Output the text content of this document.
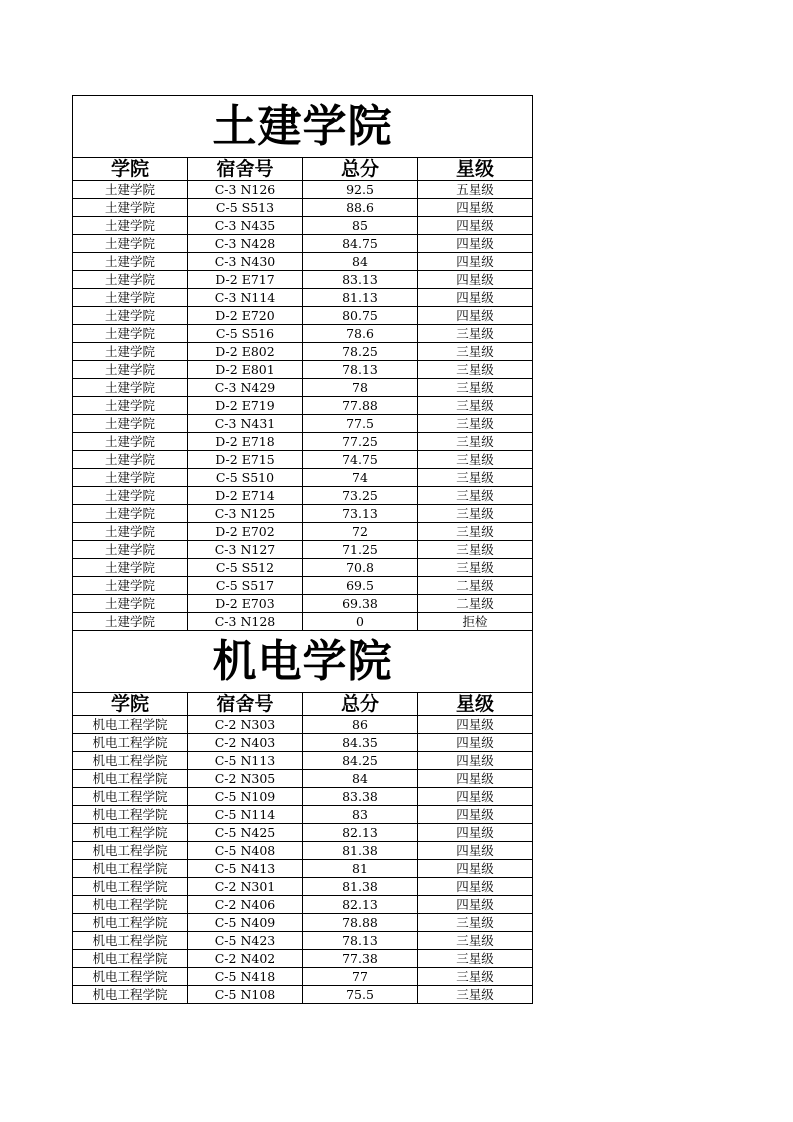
土建学院			
学院	宿舍号	总分	星级
土建学院	C-3 N126	92.5	五星级
土建学院	C-5 S513	88.6	四星级
土建学院	C-3 N435	85	四星级
土建学院	C-3 N428	84.75	四星级
土建学院	C-3 N430	84	四星级
土建学院	D-2 E717	83.13	四星级
土建学院	C-3 N114	81.13	四星级
土建学院	D-2 E720	80.75	四星级
土建学院	C-5 S516	78.6	三星级
土建学院	D-2 E802	78.25	三星级
土建学院	D-2 E801	78.13	三星级
土建学院	C-3 N429	78	三星级
土建学院	D-2 E719	77.88	三星级
土建学院	C-3 N431	77.5	三星级
土建学院	D-2 E718	77.25	三星级
土建学院	D-2 E715	74.75	三星级
土建学院	C-5 S510	74	三星级
土建学院	D-2 E714	73.25	三星级
土建学院	C-3 N125	73.13	三星级
土建学院	D-2 E702	72	三星级
土建学院	C-3 N127	71.25	三星级
土建学院	C-5 S512	70.8	三星级
土建学院	C-5 S517	69.5	二星级
土建学院	D-2 E703	69.38	二星级
土建学院	C-3 N128	0	拒检
机电学院			
学院	宿舍号	总分	星级
机电工程学院	C-2 N303	86	四星级
机电工程学院	C-2 N403	84.35	四星级
机电工程学院	C-5 N113	84.25	四星级
机电工程学院	C-2 N305	84	四星级
机电工程学院	C-5 N109	83.38	四星级
机电工程学院	C-5 N114	83	四星级
机电工程学院	C-5 N425	82.13	四星级
机电工程学院	C-5 N408	81.38	四星级
机电工程学院	C-5 N413	81	四星级
机电工程学院	C-2 N301	81.38	四星级
机电工程学院	C-2 N406	82.13	四星级
机电工程学院	C-5 N409	78.88	三星级
机电工程学院	C-5 N423	78.13	三星级
机电工程学院	C-2 N402	77.38	三星级
机电工程学院	C-5 N418	77	三星级
机电工程学院	C-5 N108	75.5	三星级
